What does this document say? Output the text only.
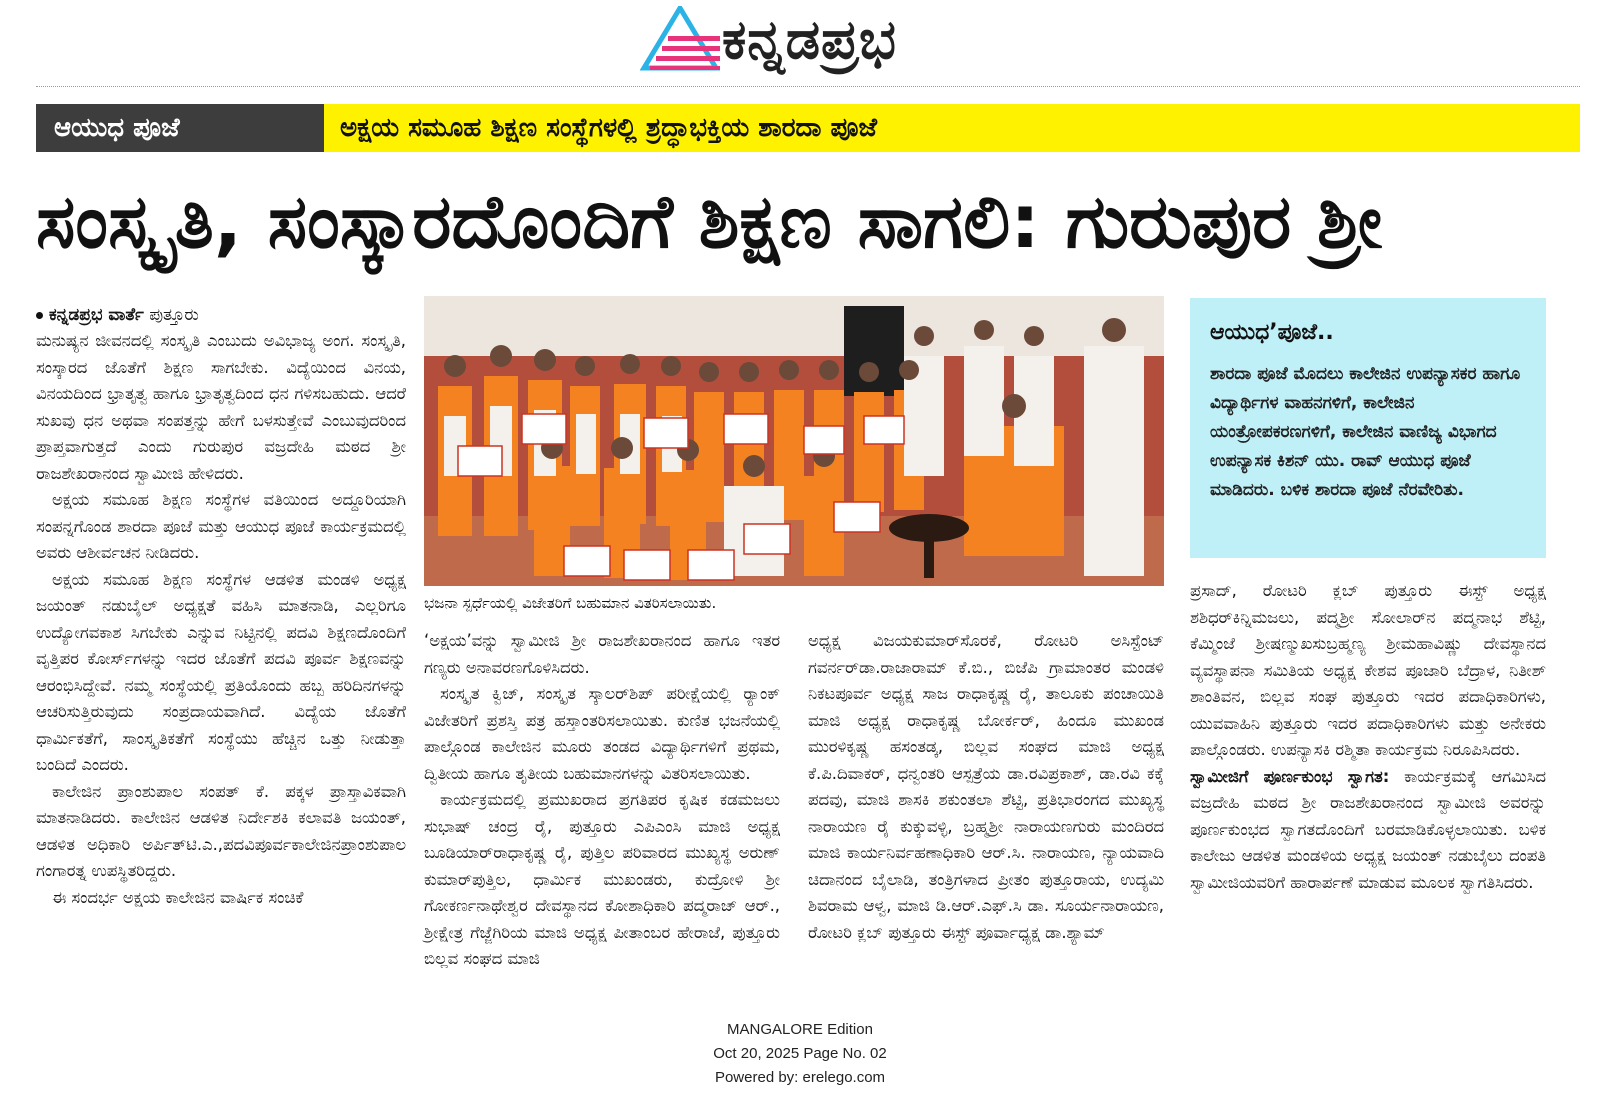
ಕನ್ನಡಪ್ರಭ
ಆಯುಧ ಪೂಜೆ	ಅಕ್ಷಯ ಸಮೂಹ ಶಿಕ್ಷಣ ಸಂಸ್ಥೆಗಳಲ್ಲಿ ಶ್ರದ್ಧಾಭಕ್ತಿಯ ಶಾರದಾ ಪೂಜೆ
ಸಂಸ್ಕೃತಿ, ಸಂಸ್ಕಾರದೊಂದಿಗೆ ಶಿಕ್ಷಣ ಸಾಗಲಿ: ಗುರುಪುರ ಶ್ರೀ
ಕನ್ನಡಪ್ರಭ ವಾರ್ತೆ ಪುತ್ತೂರು

ಮನುಷ್ಯನ ಜೀವನದಲ್ಲಿ ಸಂಸ್ಕೃತಿ ಎಂಬುದು ಅವಿಭಾಜ್ಯ ಅಂಗ. ಸಂಸ್ಕೃತಿ, ಸಂಸ್ಕಾರದ ಜೊತೆಗೆ ಶಿಕ್ಷಣ ಸಾಗಬೇಕು. ವಿದ್ಯೆಯಿಂದ ವಿನಯ, ವಿನಯದಿಂದ ಭ್ರಾತೃತ್ವ ಹಾಗೂ ಭ್ರಾತೃತ್ವದಿಂದ ಧನ ಗಳಿಸಬಹುದು. ಆದರೆ ಸುಖವು ಧನ ಅಥವಾ ಸಂಪತ್ತನ್ನು ಹೇಗೆ ಬಳಸುತ್ತೇವೆ ಎಂಬುವುದರಿಂದ ಪ್ರಾಪ್ತವಾಗುತ್ತದೆ ಎಂದು ಗುರುಪುರ ವಜ್ರದೇಹಿ ಮಠದ ಶ್ರೀ ರಾಜಶೇಖರಾನಂದ ಸ್ವಾಮೀಜಿ ಹೇಳಿದರು.

ಅಕ್ಷಯ ಸಮೂಹ ಶಿಕ್ಷಣ ಸಂಸ್ಥೆಗಳ ವತಿಯಿಂದ ಅದ್ದೂರಿಯಾಗಿ ಸಂಪನ್ನಗೊಂಡ ಶಾರದಾ ಪೂಜೆ ಮತ್ತು ಆಯುಧ ಪೂಜೆ ಕಾರ್ಯಕ್ರಮದಲ್ಲಿ ಅವರು ಆಶೀರ್ವಚನ ನೀಡಿದರು.

ಅಕ್ಷಯ ಸಮೂಹ ಶಿಕ್ಷಣ ಸಂಸ್ಥೆಗಳ ಆಡಳಿತ ಮಂಡಳಿ ಅಧ್ಯಕ್ಷ ಜಯಂತ್ ನಡುಬೈಲ್ ಅಧ್ಯಕ್ಷತೆ ವಹಿಸಿ ಮಾತನಾಡಿ, ಎಲ್ಲರಿಗೂ ಉದ್ಯೋಗವಕಾಶ ಸಿಗಬೇಕು ಎನ್ನುವ ನಿಟ್ಟಿನಲ್ಲಿ ಪದವಿ ಶಿಕ್ಷಣದೊಂದಿಗೆ ವೃತ್ತಿಪರ ಕೋರ್ಸ್‌ಗಳನ್ನು ಇದರ ಜೊತೆಗೆ ಪದವಿ ಪೂರ್ವ ಶಿಕ್ಷಣವನ್ನು ಆರಂಭಿಸಿದ್ದೇವೆ. ನಮ್ಮ ಸಂಸ್ಥೆಯಲ್ಲಿ ಪ್ರತಿಯೊಂದು ಹಬ್ಬ ಹರಿದಿನಗಳನ್ನು ಆಚರಿಸುತ್ತಿರುವುದು ಸಂಪ್ರದಾಯವಾಗಿದೆ. ವಿದ್ಯೆಯ ಜೊತೆಗೆ ಧಾರ್ಮಿಕತೆಗೆ, ಸಾಂಸ್ಕೃತಿಕತೆಗೆ ಸಂಸ್ಥೆಯು ಹೆಚ್ಚಿನ ಒತ್ತು ನೀಡುತ್ತಾ ಬಂದಿದೆ ಎಂದರು.

ಕಾಲೇಜಿನ ಪ್ರಾಂಶುಪಾಲ ಸಂಪತ್ ಕೆ. ಪಕ್ಕಳ ಪ್ರಾಸ್ತಾವಿಕವಾಗಿ ಮಾತನಾಡಿದರು. ಕಾಲೇಜಿನ ಆಡಳಿತ ನಿರ್ದೇಶಕಿ ಕಲಾವತಿ ಜಯಂತ್, ಆಡಳಿತ ಅಧಿಕಾರಿ ಅರ್ಪಿತ್‌ಟಿ.ಎ.,ಪದವಿಪೂರ್ವಕಾಲೇಜಿನಪ್ರಾಂಶುಪಾಲ ಗಂಗಾರತ್ನ ಉಪಸ್ಥಿತರಿದ್ದರು.

ಈ ಸಂದರ್ಭ ಅಕ್ಷಯ ಕಾಲೇಜಿನ ವಾರ್ಷಿಕ ಸಂಚಿಕೆ

ಭಜನಾ ಸ್ಪರ್ಧೆಯಲ್ಲಿ ವಿಜೇತರಿಗೆ ಬಹುಮಾನ ವಿತರಿಸಲಾಯಿತು.
ಆಯುಧ’ಪೂಜೆ..
ಶಾರದಾ ಪೂಜೆ ಮೊದಲು ಕಾಲೇಜಿನ ಉಪನ್ಯಾಸಕರ ಹಾಗೂ ವಿದ್ಯಾರ್ಥಿಗಳ ವಾಹನಗಳಿಗೆ, ಕಾಲೇಜಿನ ಯಂತ್ರೋಪಕರಣಗಳಿಗೆ, ಕಾಲೇಜಿನ ವಾಣಿಜ್ಯ ವಿಭಾಗದ ಉಪನ್ಯಾಸಕ ಕಿಶನ್ ಯು. ರಾವ್ ಆಯುಧ ಪೂಜೆ ಮಾಡಿದರು. ಬಳಿಕ ಶಾರದಾ ಪೂಜೆ ನೆರವೇರಿತು.

‘ಅಕ್ಷಯ’ವನ್ನು ಸ್ವಾಮೀಜಿ ಶ್ರೀ ರಾಜಶೇಖರಾನಂದ ಹಾಗೂ ಇತರ ಗಣ್ಯರು ಅನಾವರಣಗೊಳಿಸಿದರು.

ಸಂಸ್ಕೃತ ಕ್ವಿಜ್, ಸಂಸ್ಕೃತ ಸ್ಕಾಲರ್‌ಶಿಪ್ ಪರೀಕ್ಷೆಯಲ್ಲಿ ರ‍್ಯಾಂಕ್ ವಿಜೇತರಿಗೆ ಪ್ರಶಸ್ತಿ ಪತ್ರ ಹಸ್ತಾಂತರಿಸಲಾಯಿತು. ಕುಣಿತ ಭಜನೆಯಲ್ಲಿ ಪಾಲ್ಗೊಂಡ ಕಾಲೇಜಿನ ಮೂರು ತಂಡದ ವಿದ್ಯಾರ್ಥಿಗಳಿಗೆ ಪ್ರಥಮ, ದ್ವಿತೀಯ ಹಾಗೂ ತೃತೀಯ ಬಹುಮಾನಗಳನ್ನು ವಿತರಿಸಲಾಯಿತು.

ಕಾರ್ಯಕ್ರಮದಲ್ಲಿ ಪ್ರಮುಖರಾದ ಪ್ರಗತಿಪರ ಕೃಷಿಕ ಕಡಮಜಲು ಸುಭಾಷ್ ಚಂದ್ರ ರೈ, ಪುತ್ತೂರು ಎಪಿಎಂಸಿ ಮಾಜಿ ಅಧ್ಯಕ್ಷ ಬೂಡಿಯಾರ್‌ರಾಧಾಕೃಷ್ಣ ರೈ, ಪುತ್ತಿಲ ಪರಿವಾರದ ಮುಖ್ಯಸ್ಥ ಅರುಣ್ ಕುಮಾರ್‌ಪುತ್ತಿಲ, ಧಾರ್ಮಿಕ ಮುಖಂಡರು, ಕುದ್ರೋಳಿ ಶ್ರೀ ಗೋಕರ್ಣನಾಥೇಶ್ವರ ದೇವಸ್ಥಾನದ ಕೋಶಾಧಿಕಾರಿ ಪದ್ಮರಾಜ್ ಆರ್., ಶ್ರೀಕ್ಷೇತ್ರ ಗೆಜ್ಜೆಗಿರಿಯ ಮಾಜಿ ಅಧ್ಯಕ್ಷ ಪೀತಾಂಬರ ಹೇರಾಜೆ, ಪುತ್ತೂರು ಬಿಲ್ಲವ ಸಂಘದ ಮಾಜಿ

ಅಧ್ಯಕ್ಷ ವಿಜಯಕುಮಾರ್‌ಸೊರಕೆ, ರೋಟರಿ ಅಸಿಸ್ಟೆಂಟ್ ಗವರ್ನರ್‌ಡಾ.ರಾಜಾರಾಮ್ ಕೆ.ಬಿ., ಬಿಜೆಪಿ ಗ್ರಾಮಾಂತರ ಮಂಡಳಿ ನಿಕಟಪೂರ್ವ ಅಧ್ಯಕ್ಷ ಸಾಜ ರಾಧಾಕೃಷ್ಣ ರೈ, ತಾಲೂಕು ಪಂಚಾಯಿತಿ ಮಾಜಿ ಅಧ್ಯಕ್ಷ ರಾಧಾಕೃಷ್ಣ ಬೋರ್ಕರ್, ಹಿಂದೂ ಮುಖಂಡ ಮುರಳಿಕೃಷ್ಣ ಹಸಂತಡ್ಕ, ಬಿಲ್ಲವ ಸಂಘದ ಮಾಜಿ ಅಧ್ಯಕ್ಷ ಕೆ.ಪಿ.ದಿವಾಕರ್, ಧನ್ವಂತರಿ ಆಸ್ಪತ್ರೆಯ ಡಾ.ರವಿಪ್ರಕಾಶ್, ಡಾ.ರವಿ ಕಕ್ಕೆ ಪದವು, ಮಾಜಿ ಶಾಸಕಿ ಶಕುಂತಲಾ ಶೆಟ್ಟಿ, ಪ್ರತಿಭಾರಂಗದ ಮುಖ್ಯಸ್ಥ ನಾರಾಯಣ ರೈ ಕುಕ್ಕುವಳ್ಳಿ, ಬ್ರಹ್ಮಶ್ರೀ ನಾರಾಯಣಗುರು ಮಂದಿರದ ಮಾಜಿ ಕಾರ್ಯನಿರ್ವಹಣಾಧಿಕಾರಿ ಆರ್.ಸಿ. ನಾರಾಯಣ, ನ್ಯಾಯವಾದಿ ಚಿದಾನಂದ ಬೈಲಾಡಿ, ತಂತ್ರಿಗಳಾದ ಪ್ರೀತಂ ಪುತ್ತೂರಾಯ, ಉದ್ಯಮಿ ಶಿವರಾಮ ಆಳ್ವ, ಮಾಜಿ ಡಿ.ಆರ್.ಎಫ್.ಸಿ ಡಾ. ಸೂರ್ಯನಾರಾಯಣ, ರೋಟರಿ ಕ್ಲಬ್ ಪುತ್ತೂರು ಈಸ್ಟ್ ಪೂರ್ವಾಧ್ಯಕ್ಷ ಡಾ.ಶ್ಯಾಮ್

ಪ್ರಸಾದ್, ರೋಟರಿ ಕ್ಲಬ್ ಪುತ್ತೂರು ಈಸ್ಟ್ ಅಧ್ಯಕ್ಷ ಶಶಿಧರ್‌ಕಿನ್ನಿಮಜಲು, ಪದ್ಮಶ್ರೀ ಸೋಲಾರ್‌ನ ಪದ್ಮನಾಭ ಶೆಟ್ಟಿ, ಕೆಮ್ಮಿಂಜೆ ಶ್ರೀಷಣ್ಮುಖಸುಬ್ರಹ್ಮಣ್ಯ ಶ್ರೀಮಹಾವಿಷ್ಣು ದೇವಸ್ಥಾನದ ವ್ಯವಸ್ಥಾಪನಾ ಸಮಿತಿಯ ಅಧ್ಯಕ್ಷ ಕೇಶವ ಪೂಜಾರಿ ಬೆದ್ರಾಳ, ನಿತೀಶ್ ಶಾಂತಿವನ, ಬಿಲ್ಲವ ಸಂಘ ಪುತ್ತೂರು ಇದರ ಪದಾಧಿಕಾರಿಗಳು, ಯುವವಾಹಿನಿ ಪುತ್ತೂರು ಇದರ ಪದಾಧಿಕಾರಿಗಳು ಮತ್ತು ಅನೇಕರು ಪಾಲ್ಗೊಂಡರು. ಉಪನ್ಯಾಸಕಿ ರಶ್ಮಿತಾ ಕಾರ್ಯಕ್ರಮ ನಿರೂಪಿಸಿದರು.

ಸ್ವಾಮೀಜಿಗೆ ಪೂರ್ಣಕುಂಭ ಸ್ವಾಗತ: ಕಾರ್ಯಕ್ರಮಕ್ಕೆ ಆಗಮಿಸಿದ ವಜ್ರದೇಹಿ ಮಠದ ಶ್ರೀ ರಾಜಶೇಖರಾನಂದ ಸ್ವಾಮೀಜಿ ಅವರನ್ನು ಪೂರ್ಣಕುಂಭದ ಸ್ವಾಗತದೊಂದಿಗೆ ಬರಮಾಡಿಕೊಳ್ಳಲಾಯಿತು. ಬಳಿಕ ಕಾಲೇಜು ಆಡಳಿತ ಮಂಡಳಿಯ ಅಧ್ಯಕ್ಷ ಜಯಂತ್ ನಡುಬೈಲು ದಂಪತಿ ಸ್ವಾಮೀಜಿಯವರಿಗೆ ಹಾರಾರ್ಪಣೆ ಮಾಡುವ ಮೂಲಕ ಸ್ವಾಗತಿಸಿದರು.

MANGALORE Edition
Oct 20, 2025 Page No. 02
Powered by: erelego.com
